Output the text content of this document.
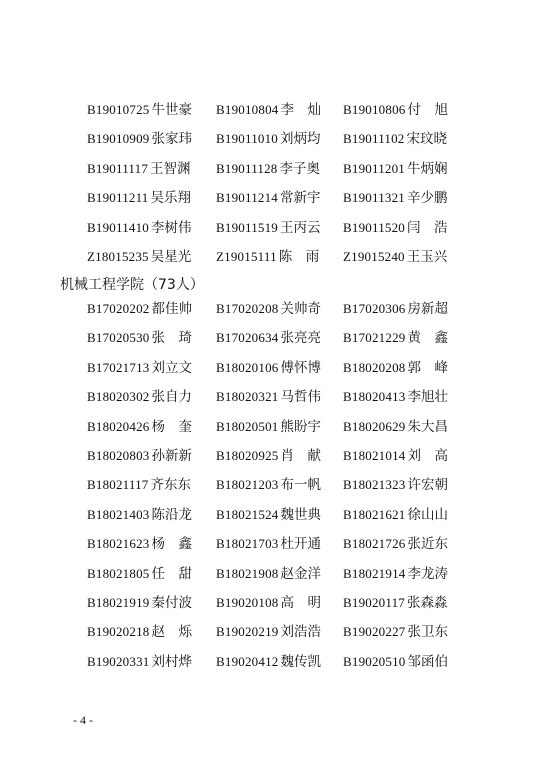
B19010725 牛世豪 B19010804 李　灿 B19010806 付　旭
B19010909 张家玮 B19011010 刘炳均 B19011102 宋玟晓
B19011117 王智渊 B19011128 李子奥 B19011201 牛炳娴
B19011211 吴乐翔 B19011214 常新宇 B19011321 辛少鹏
B19011410 李树伟 B19011519 王丙云 B19011520 闫　浩
Z18015235 吴星光 Z19015111 陈　雨 Z19015240 王玉兴
机械工程学院（73人）
B17020202 都佳帅 B17020208 关帅奇 B17020306 房新超
B17020530 张　琦 B17020634 张亮亮 B17021229 黄　鑫
B17021713 刘立文 B18020106 傅怀博 B18020208 郭　峰
B18020302 张自力 B18020321 马哲伟 B18020413 李旭壮
B18020426 杨　奎 B18020501 熊盼宇 B18020629 朱大昌
B18020803 孙新新 B18020925 肖　献 B18021014 刘　高
B18021117 齐东东 B18021203 布一帆 B18021323 许宏朝
B18021403 陈沿龙 B18021524 魏世典 B18021621 徐山山
B18021623 杨　鑫 B18021703 杜开通 B18021726 张近东
B18021805 任　甜 B18021908 赵金洋 B18021914 李龙涛
B18021919 秦付波 B19020108 高　明 B19020117 张森淼
B19020218 赵　烁 B19020219 刘浩浩 B19020227 张卫东
B19020331 刘村烨 B19020412 魏传凯 B19020510 邹函伯
- 4 -
